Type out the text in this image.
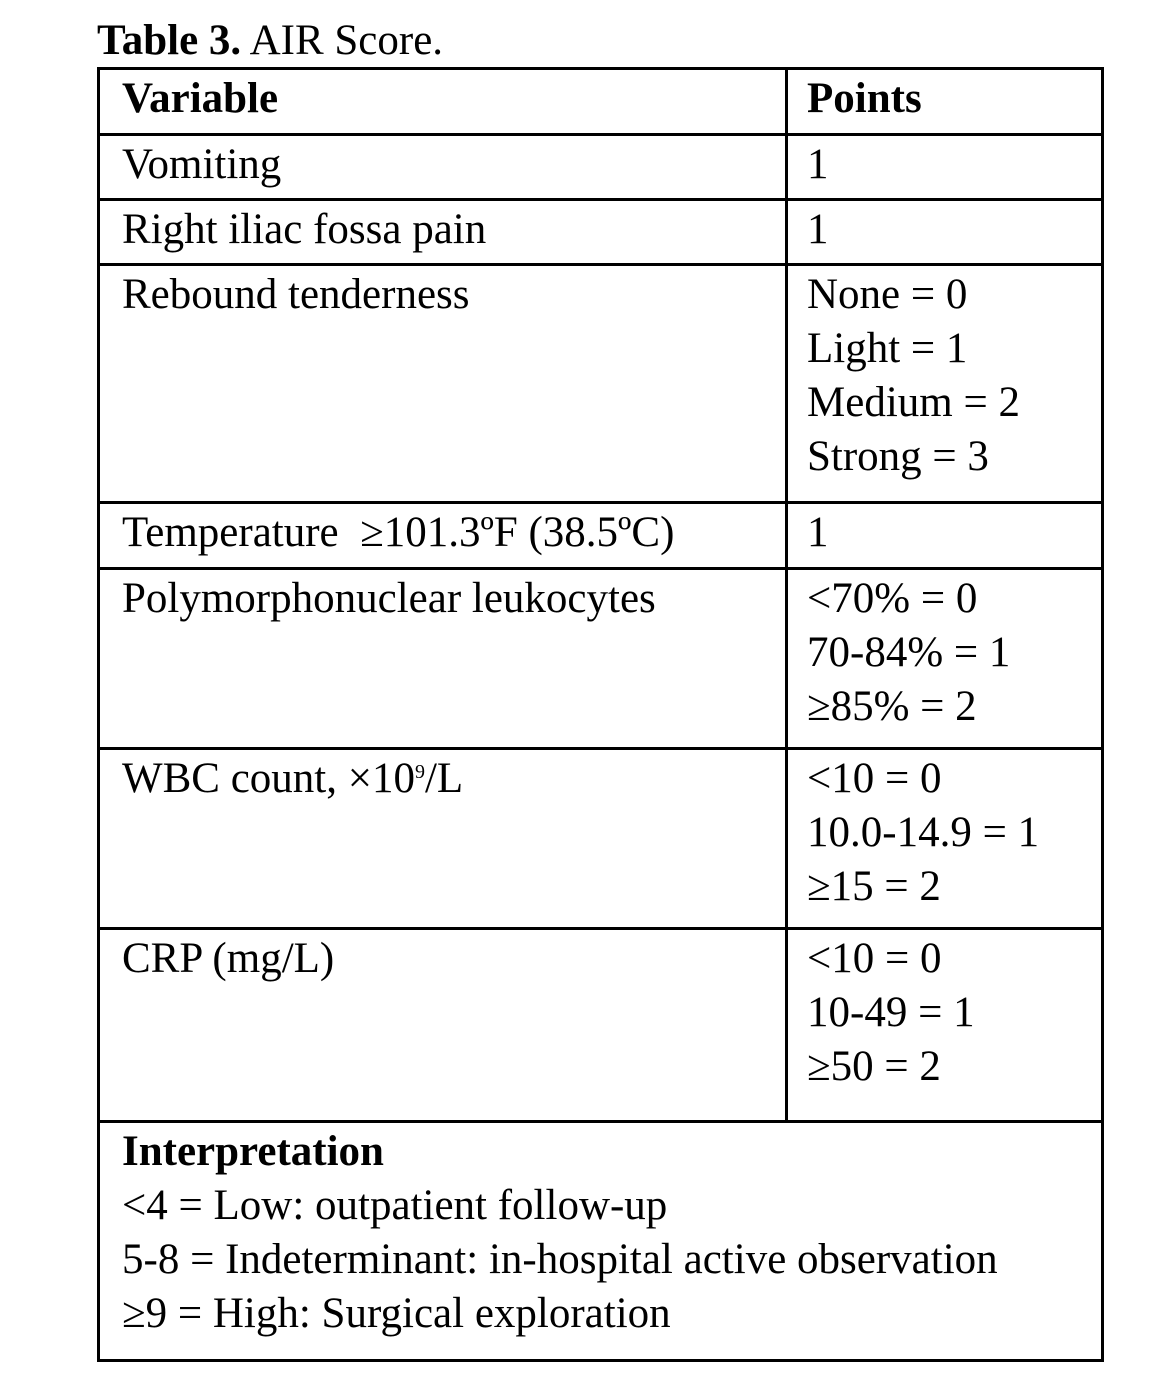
Table 3. AIR Score.
Variable	Points
Vomiting	1

Right iliac fossa pain	1

Rebound tenderness	None = 0
Light = 1
Medium = 2
Strong = 3

Temperature  ≥101.3ºF (38.5ºC)	1

Polymorphonuclear leukocytes	<70% = 0
70-84% = 1
≥85% = 2

WBC count, $\times 10^9/L$	<10 = 0
10.0-14.9 = 1
≥15 = 2

CRP (mg/L)	<10 = 0
10-49 = 1
≥50 = 2

Interpretation
<4 = Low: outpatient follow-up
5-8 = Indeterminant: in-hospital active observation
≥9 = High: Surgical exploration	
